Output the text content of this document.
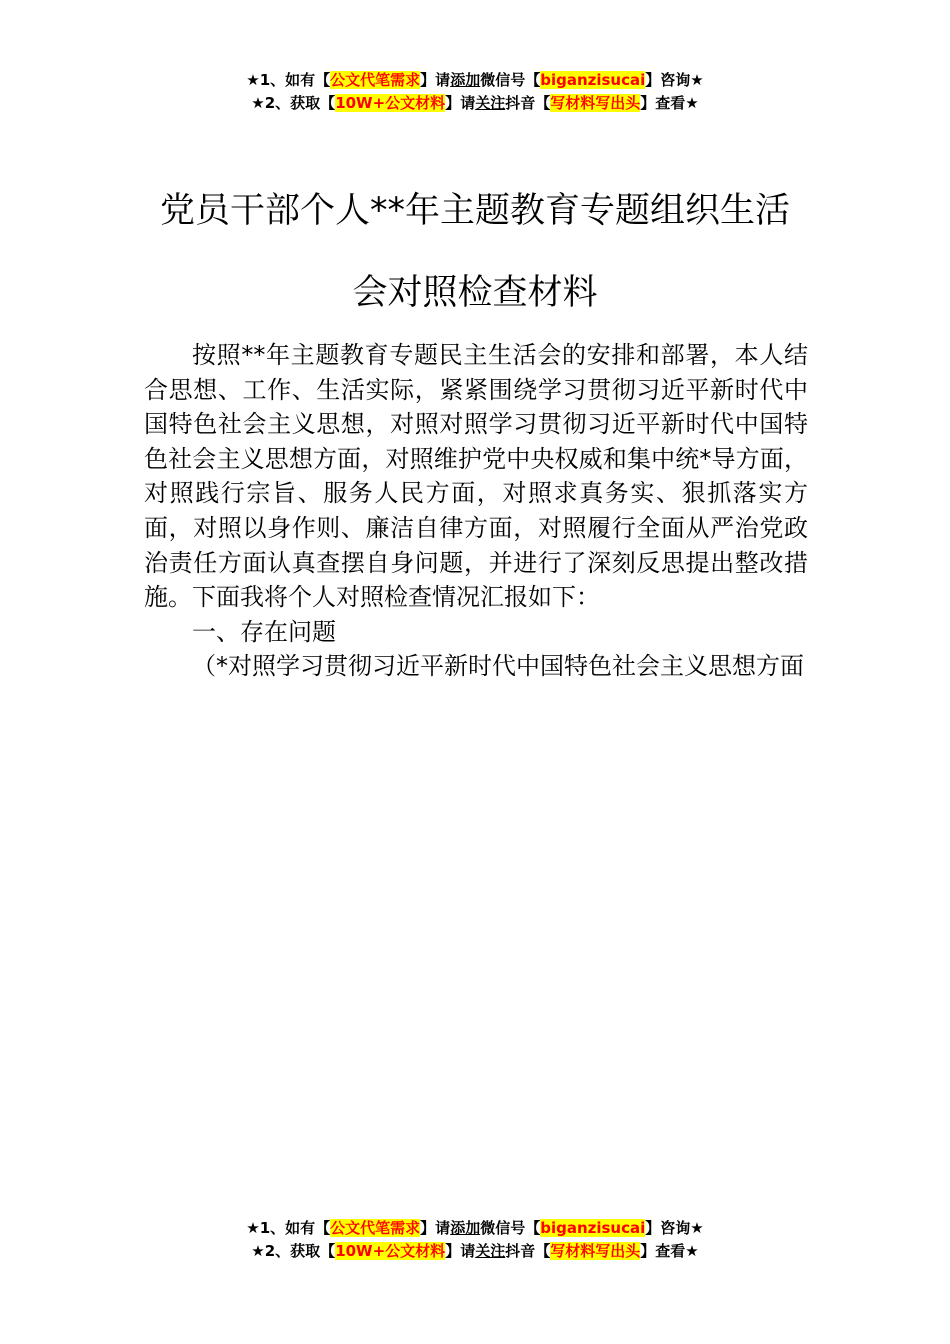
★1、如有【公文代笔需求】请添加微信号【biganzisucai】咨询★
★2、获取【10W+公文材料】请关注抖音【写材料写出头】查看★
党员干部个人**年主题教育专题组织生活
会对照检查材料

按照**年主题教育专题民主生活会的安排和部署，本人结合思想、工作、生活实际，紧紧围绕学习贯彻习近平新时代中国特色社会主义思想，对照对照学习贯彻习近平新时代中国特色社会主义思想方面，对照维护党中央权威和集中统*导方面，对照践行宗旨、服务人民方面，对照求真务实、狠抓落实方面，对照以身作则、廉洁自律方面，对照履行全面从严治党政治责任方面认真查摆自身问题，并进行了深刻反思提出整改措施。下面我将个人对照检查情况汇报如下：

一、存在问题

（*对照学习贯彻习近平新时代中国特色社会主义思想方面

★1、如有【公文代笔需求】请添加微信号【biganzisucai】咨询★
★2、获取【10W+公文材料】请关注抖音【写材料写出头】查看★
